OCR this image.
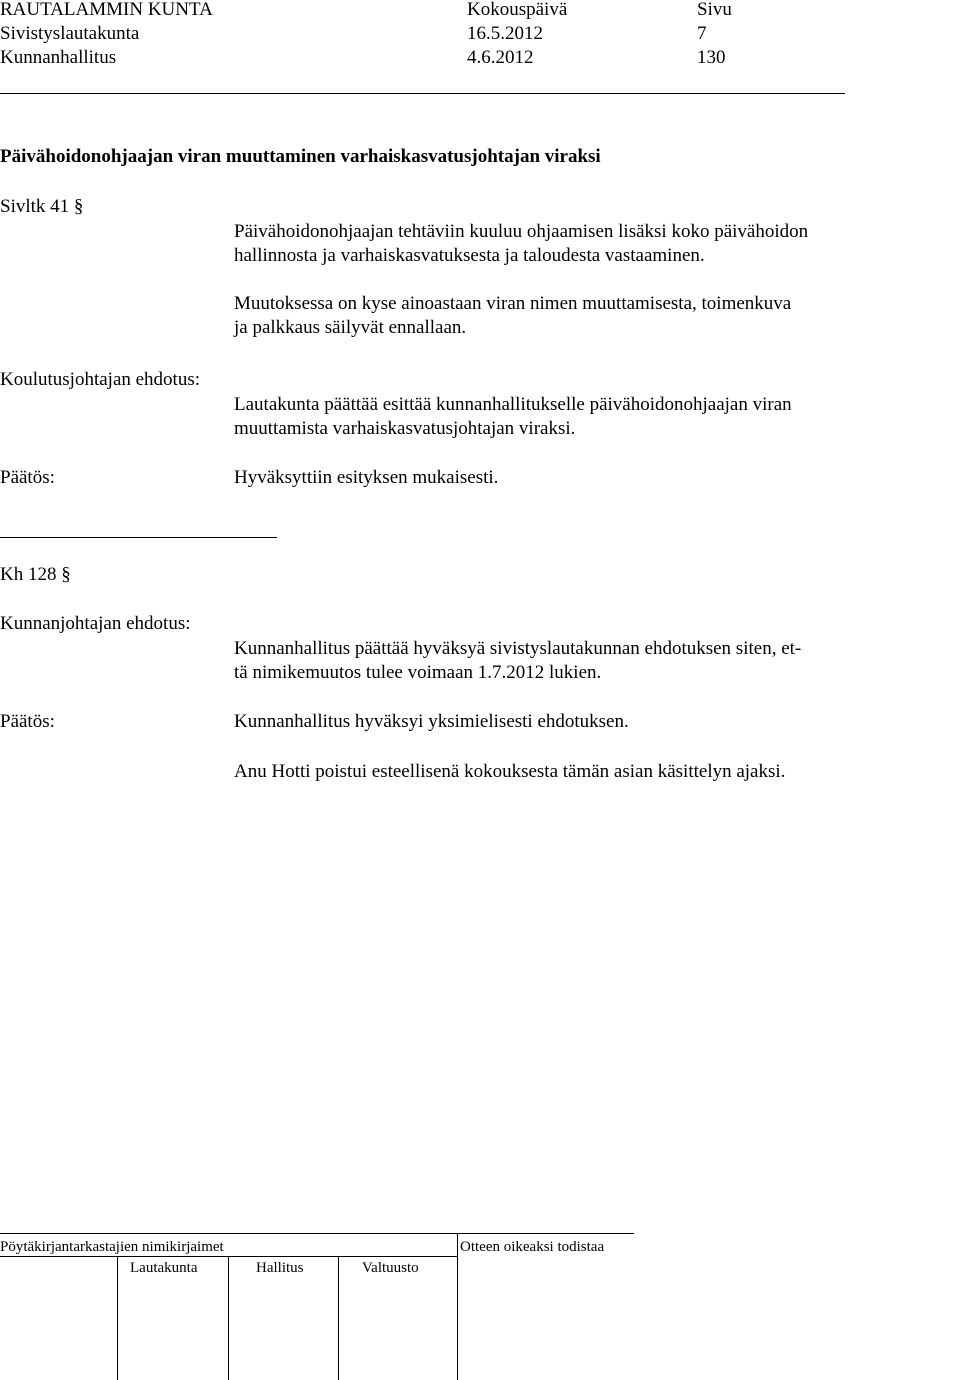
RAUTALAMMIN KUNTA	Kokouspäivä	Sivu
Sivistyslautakunta	16.5.2012	7
Kunnanhallitus	4.6.2012	130
Päivähoidonohjaajan viran muuttaminen varhaiskasvatusjohtajan viraksi
Sivltk 41 §
Päivähoidonohjaajan tehtäviin kuuluu ohjaamisen lisäksi koko päivähoidon
hallinnosta ja varhaiskasvatuksesta ja taloudesta vastaaminen.
Muutoksessa on kyse ainoastaan viran nimen muuttamisesta, toimenkuva
ja palkkaus säilyvät ennallaan.
Koulutusjohtajan ehdotus:
Lautakunta päättää esittää kunnanhallitukselle päivähoidonohjaajan viran
muuttamista varhaiskasvatusjohtajan viraksi.
Päätös:	Hyväksyttiin esityksen mukaisesti.
Kh 128 §
Kunnanjohtajan ehdotus:
Kunnanhallitus päättää hyväksyä sivistyslautakunnan ehdotuksen siten, et-
tä nimikemuutos tulee voimaan 1.7.2012 lukien.
Päätös:	Kunnanhallitus hyväksyi yksimielisesti ehdotuksen.
Anu Hotti poistui esteellisenä kokouksesta tämän asian käsittelyn ajaksi.
Pöytäkirjantarkastajien nimikirjaimet	Otteen oikeaksi todistaa
Lautakunta	Hallitus	Valtuusto
